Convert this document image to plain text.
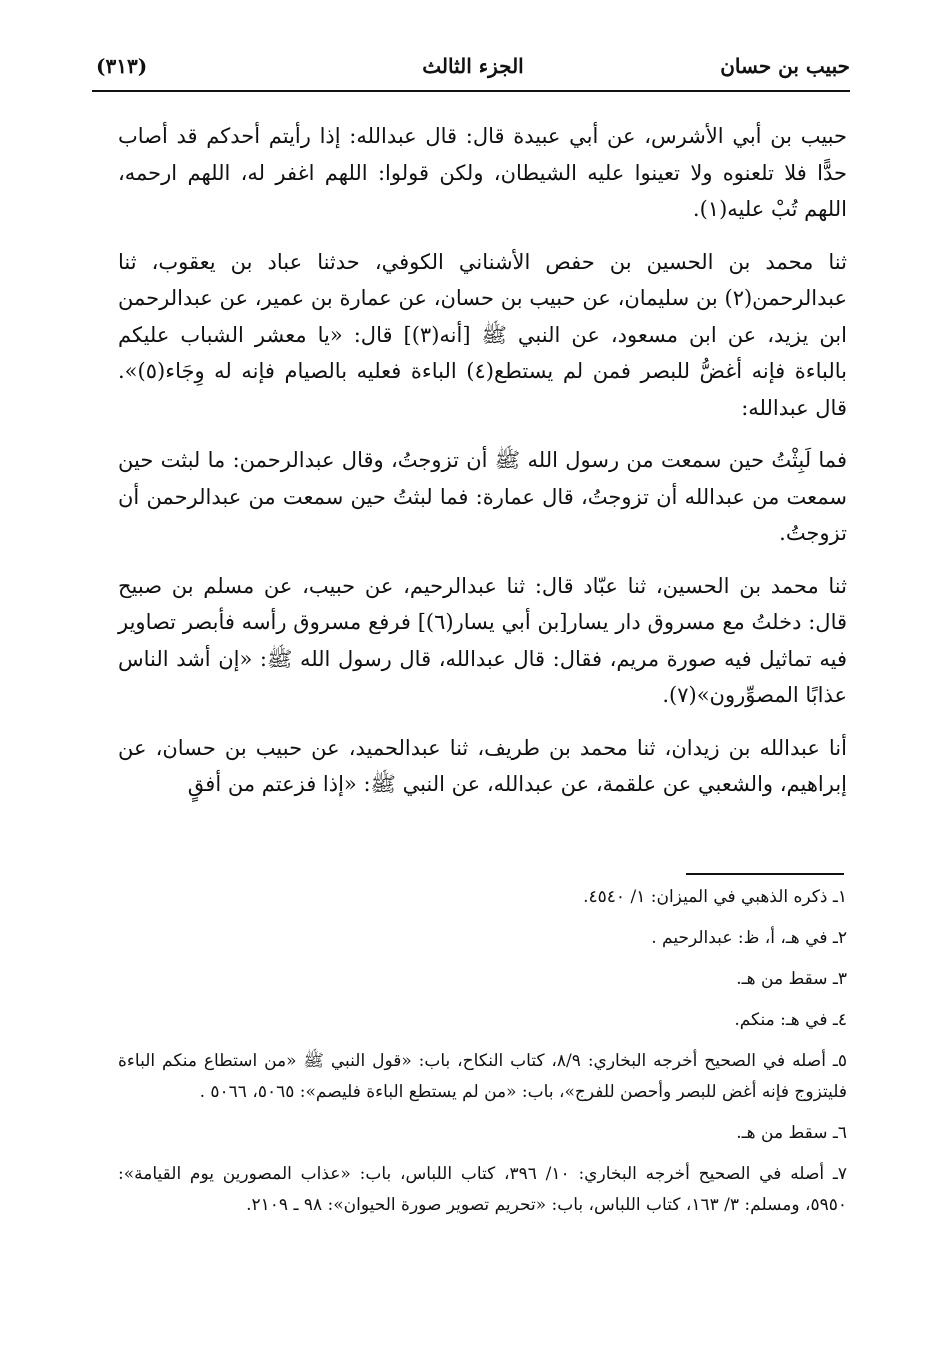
حبيب بن حسان
الجزء الثالث
(٣١٣)

حبيب بن أبي الأشرس، عن أبي عبيدة قال: قال عبدالله: إذا رأيتم أحدكم قد أصاب حدًّا فلا تلعنوه ولا تعينوا عليه الشيطان، ولكن قولوا: اللهم اغفر له، اللهم ارحمه، اللهم تُبْ عليه(١).

ثنا محمد بن الحسين بن حفص الأشناني الكوفي، حدثنا عباد بن يعقوب، ثنا عبدالرحمن(٢) بن سليمان، عن حبيب بن حسان، عن عمارة بن عمير، عن عبدالرحمن ابن يزيد، عن ابن مسعود، عن النبي ﷺ [أنه(٣)] قال: «يا معشر الشباب عليكم بالباءة فإنه أغضُّ للبصر فمن لم يستطع(٤) الباءة فعليه بالصيام فإنه له وِجَاء(٥)». قال عبدالله:

فما لَبِثْتُ حين سمعت من رسول الله ﷺ أن تزوجتُ، وقال عبدالرحمن: ما لبثت حين سمعت من عبدالله أن تزوجتُ، قال عمارة: فما لبثتُ حين سمعت من عبدالرحمن أن تزوجتُ.

ثنا محمد بن الحسين، ثنا عبّاد قال: ثنا عبدالرحيم، عن حبيب، عن مسلم بن صبيح قال: دخلتُ مع مسروق دار يسار[بن أبي يسار(٦)] فرفع مسروق رأسه فأبصر تصاوير فيه تماثيل فيه صورة مريم، فقال: قال عبدالله، قال رسول الله ﷺ: «إن أشد الناس عذابًا المصوِّرون»(٧).

أنا عبدالله بن زيدان، ثنا محمد بن طريف، ثنا عبدالحميد، عن حبيب بن حسان، عن إبراهيم، والشعبي عن علقمة، عن عبدالله، عن النبي ﷺ: «إذا فزعتم من أفقٍ

١ـ ذكره الذهبي في الميزان: ١/ ٤٥٤٠.
٢ـ في هـ، أ، ظ: عبدالرحيم .
٣ـ سقط من هـ.
٤ـ في هـ: منكم.
٥ـ أصله في الصحيح أخرجه البخاري: ٨/٩، كتاب النكاح، باب: «قول النبي ﷺ «من استطاع منكم الباءة فليتزوج فإنه أغض للبصر وأحصن للفرج»، باب: «من لم يستطع الباءة فليصم»: ٥٠٦٥، ٥٠٦٦ .
٦ـ سقط من هـ.
٧ـ أصله في الصحيح أخرجه البخاري: ١٠/ ٣٩٦، كتاب اللباس، باب: «عذاب المصورين يوم القيامة»: ٥٩٥٠، ومسلم: ٣/ ١٦٣، كتاب اللباس، باب: «تحريم تصوير صورة الحيوان»: ٩٨ ـ ٢١٠٩.
